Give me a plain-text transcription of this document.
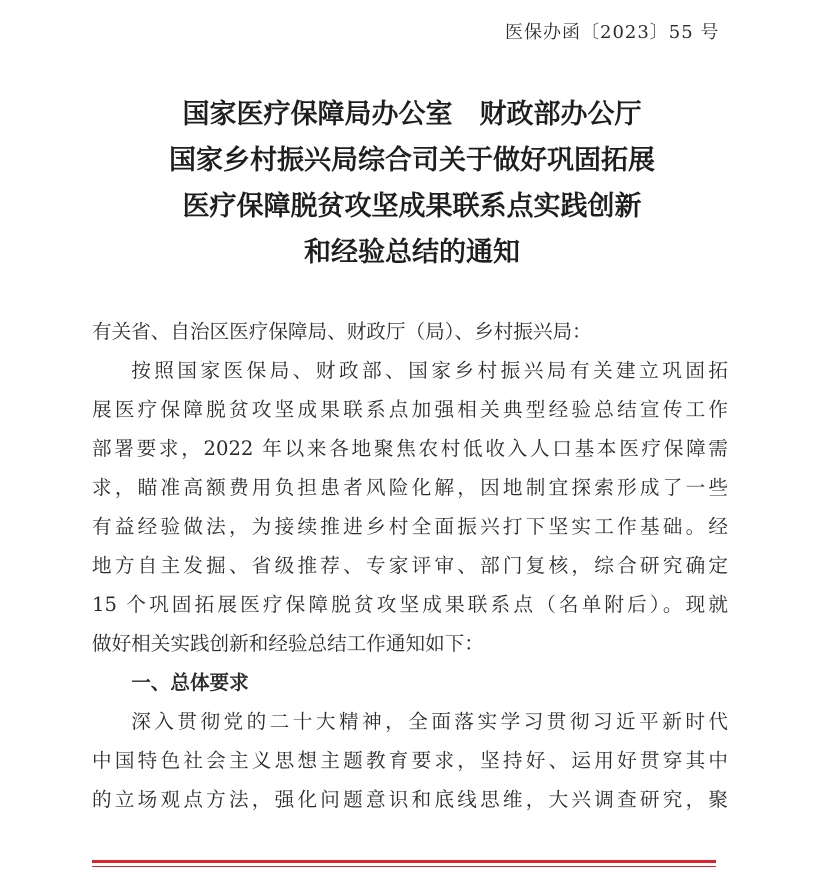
医保办函〔2023〕55 号
国家医疗保障局办公室　财政部办公厅
国家乡村振兴局综合司关于做好巩固拓展
医疗保障脱贫攻坚成果联系点实践创新
和经验总结的通知

有关省、自治区医疗保障局、财政厅（局）、乡村振兴局：

按照国家医保局、财政部、国家乡村振兴局有关建立巩固拓
展医疗保障脱贫攻坚成果联系点加强相关典型经验总结宣传工作
部署要求，2022 年以来各地聚焦农村低收入人口基本医疗保障需
求，瞄准高额费用负担患者风险化解，因地制宜探索形成了一些
有益经验做法，为接续推进乡村全面振兴打下坚实工作基础。经
地方自主发掘、省级推荐、专家评审、部门复核，综合研究确定
15 个巩固拓展医疗保障脱贫攻坚成果联系点（名单附后）。现就
做好相关实践创新和经验总结工作通知如下：

一、总体要求

深入贯彻党的二十大精神，全面落实学习贯彻习近平新时代
中国特色社会主义思想主题教育要求，坚持好、运用好贯穿其中
的立场观点方法，强化问题意识和底线思维，大兴调查研究，聚
